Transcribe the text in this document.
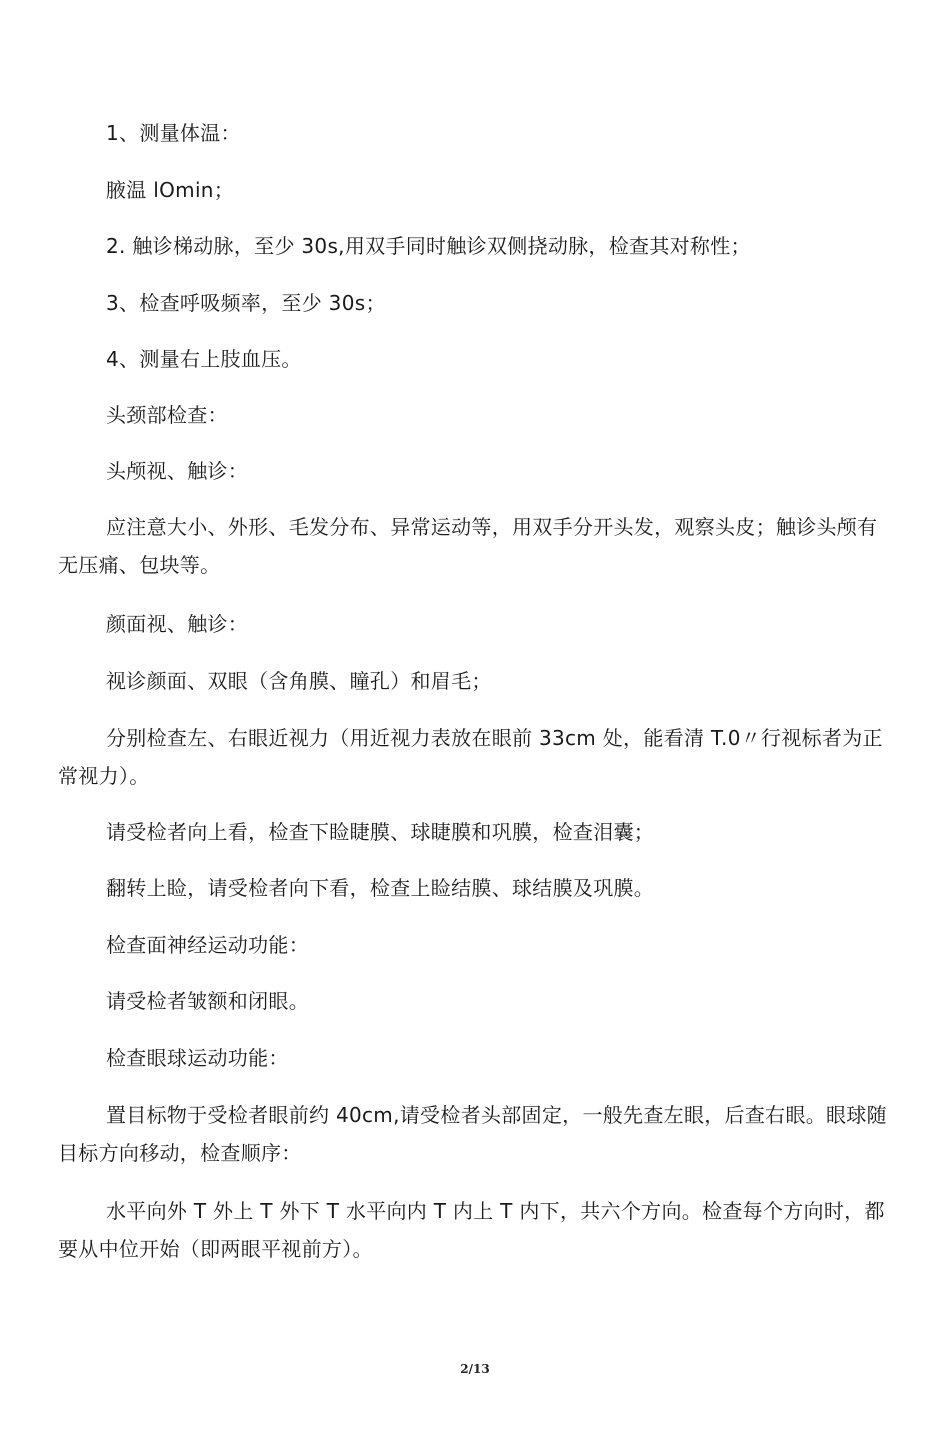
1、测量体温：

腋温 lOmin；

2. 触诊梯动脉，至少 30s,用双手同时触诊双侧挠动脉，检查其对称性；

3、检查呼吸频率，至少 30s；

4、测量右上肢血压。

头颈部检查：

头颅视、触诊：

应注意大小、外形、毛发分布、异常运动等，用双手分开头发，观察头皮；触诊头颅有无压痛、包块等。

颜面视、触诊：

视诊颜面、双眼（含角膜、瞳孔）和眉毛；

分别检查左、右眼近视力（用近视力表放在眼前 33cm 处，能看清 T.0〃行视标者为正常视力）。

请受检者向上看，检查下睑睫膜、球睫膜和巩膜，检查泪囊；

翻转上睑，请受检者向下看，检查上睑结膜、球结膜及巩膜。

检查面神经运动功能：

请受检者皱额和闭眼。

检查眼球运动功能：

置目标物于受检者眼前约 40cm,请受检者头部固定，一般先查左眼，后查右眼。眼球随目标方向移动，检查顺序：

水平向外 T 外上 T 外下 T 水平向内 T 内上 T 内下，共六个方向。检查每个方向时，都要从中位开始（即两眼平视前方）。

2/13
